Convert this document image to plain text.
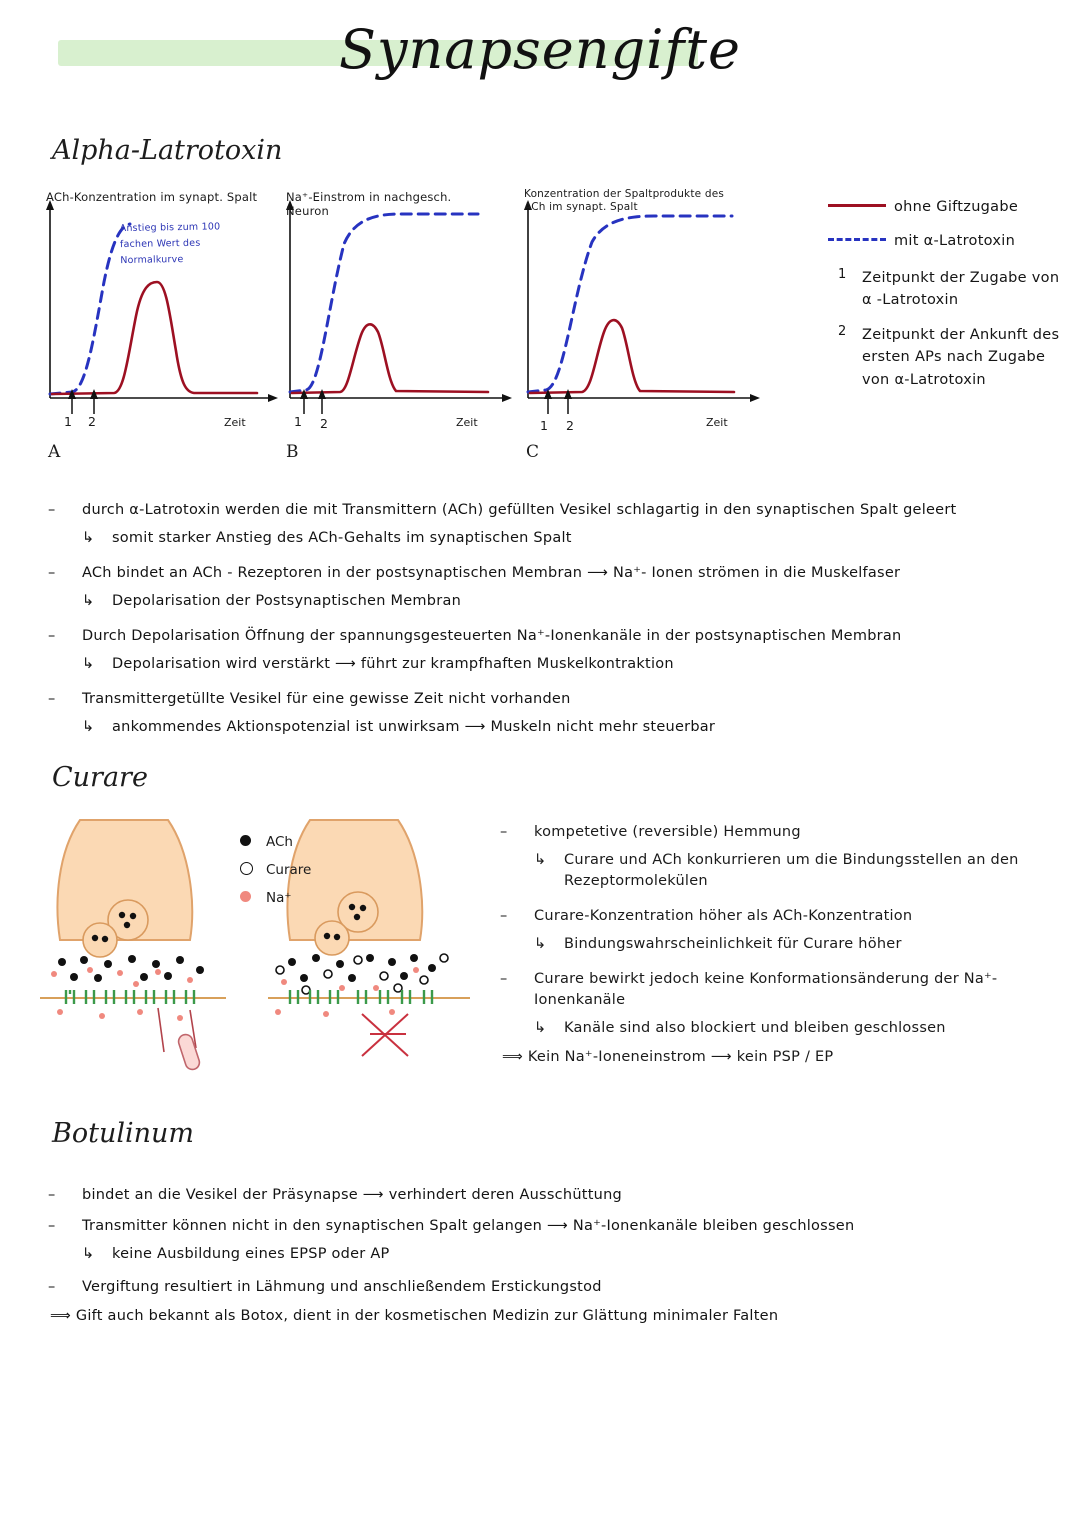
Synapsengifte
Alpha-Latrotoxin
ACh-Konzentration im synapt. Spalt
Anstieg bis zum 100 fachen Wert des Normalkurve
1 2	Zeit
A
Na⁺-Einstrom in nachgesch. Neuron
1 2	Zeit
B
Konzentration der Spaltprodukte des ACh im synapt. Spalt
1 2	Zeit
C
ohne Giftzugabe
mit α-Latrotoxin
1	Zeitpunkt der Zugabe von α -Latrotoxin
2	Zeitpunkt der Ankunft des ersten APs nach Zugabe von α-Latrotoxin
–	durch α-Latrotoxin werden die mit Transmittern (ACh) gefüllten Vesikel schlagartig in den synaptischen Spalt geleert
↳ somit starker Anstieg des ACh-Gehalts im synaptischen Spalt
–	ACh bindet an ACh - Rezeptoren in der postsynaptischen Membran ⟶ Na⁺- Ionen strömen in die Muskelfaser
↳ Depolarisation der Postsynaptischen Membran
–	Durch Depolarisation Öffnung der spannungsgesteuerten Na⁺-Ionenkanäle in der postsynaptischen Membran
↳ Depolarisation wird verstärkt ⟶ führt zur krampfhaften Muskelkontraktion
–	Transmittergetüllte Vesikel für eine gewisse Zeit nicht vorhanden
↳ ankommendes Aktionspotenzial ist unwirksam ⟶ Muskeln nicht mehr steuerbar
Curare
ACh
Curare
Na⁺
–	kompetetive (reversible) Hemmung
↳ Curare und ACh konkurrieren um die Bindungsstellen an den Rezeptormolekülen
–	Curare-Konzentration höher als ACh-Konzentration
↳ Bindungswahrscheinlichkeit für Curare höher
–	Curare bewirkt jedoch keine Konformationsänderung der Na⁺-Ionenkanäle
↳ Kanäle sind also blockiert und bleiben geschlossen
⟹ Kein Na⁺-Ioneneinstrom ⟶ kein PSP / EP
Botulinum
–	bindet an die Vesikel der Präsynapse ⟶ verhindert deren Ausschüttung
–	Transmitter können nicht in den synaptischen Spalt gelangen ⟶ Na⁺-Ionenkanäle bleiben geschlossen
↳ keine Ausbildung eines EPSP oder AP
–	Vergiftung resultiert in Lähmung und anschließendem Erstickungstod
⟹ Gift auch bekannt als Botox, dient in der kosmetischen Medizin zur Glättung minimaler Falten
